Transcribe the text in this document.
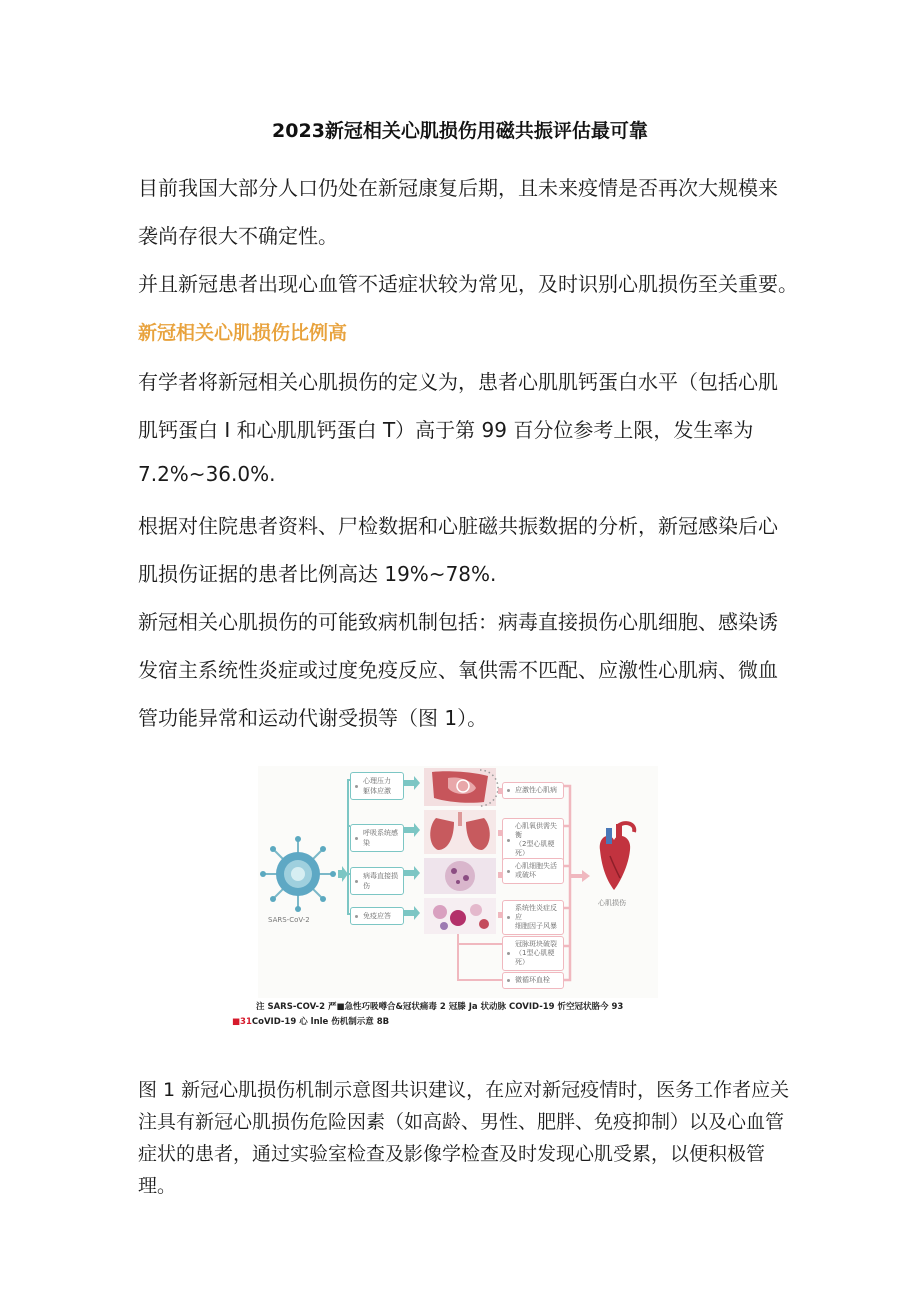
2023新冠相关心肌损伤用磁共振评估最可靠
目前我国大部分人口仍处在新冠康复后期，且未来疫情是否再次大规模来
袭尚存很大不确定性。
并且新冠患者出现心血管不适症状较为常见，及时识别心肌损伤至关重要。
新冠相关心肌损伤比例高
有学者将新冠相关心肌损伤的定义为，患者心肌肌钙蛋白水平（包括心肌
肌钙蛋白 I 和心肌肌钙蛋白 T）高于第 99 百分位参考上限，发生率为
7.2%~36.0%.
根据对住院患者资料、尸检数据和心脏磁共振数据的分析，新冠感染后心
肌损伤证据的患者比例高达 19%~78%.
新冠相关心肌损伤的可能致病机制包括：病毒直接损伤心肌细胞、感染诱
发宿主系统性炎症或过度免疫反应、氧供需不匹配、应激性心肌病、微血
管功能异常和运动代谢受损等（图 1）。
心理压力
躯体应激
呼吸系统感染
病毒直接损伤
免疫应答
应激性心肌病
心肌氧供需失衡
（2型心肌梗死）
心肌细胞失活
或破坏
系统性炎症反应
细胞因子风暴
冠脉斑块破裂
（1型心肌梗死）
微循环血栓
SARS-CoV-2
心肌损伤
注 SARS-COV-2 严■急性巧吸噂合&冠状痛毒 2 冠滕 Ja 状动脉 COVID-19 忻空冠状胳今 93
■31CoVID-19 心 lnle 伤机制示意 8B
图 1 新冠心肌损伤机制示意图共识建议，在应对新冠疫情时，医务工作者应关注具有新冠心肌损伤危险因素（如高龄、男性、肥胖、免疫抑制）以及心血管症状的患者，通过实验室检查及影像学检查及时发现心肌受累，以便积极管理。
